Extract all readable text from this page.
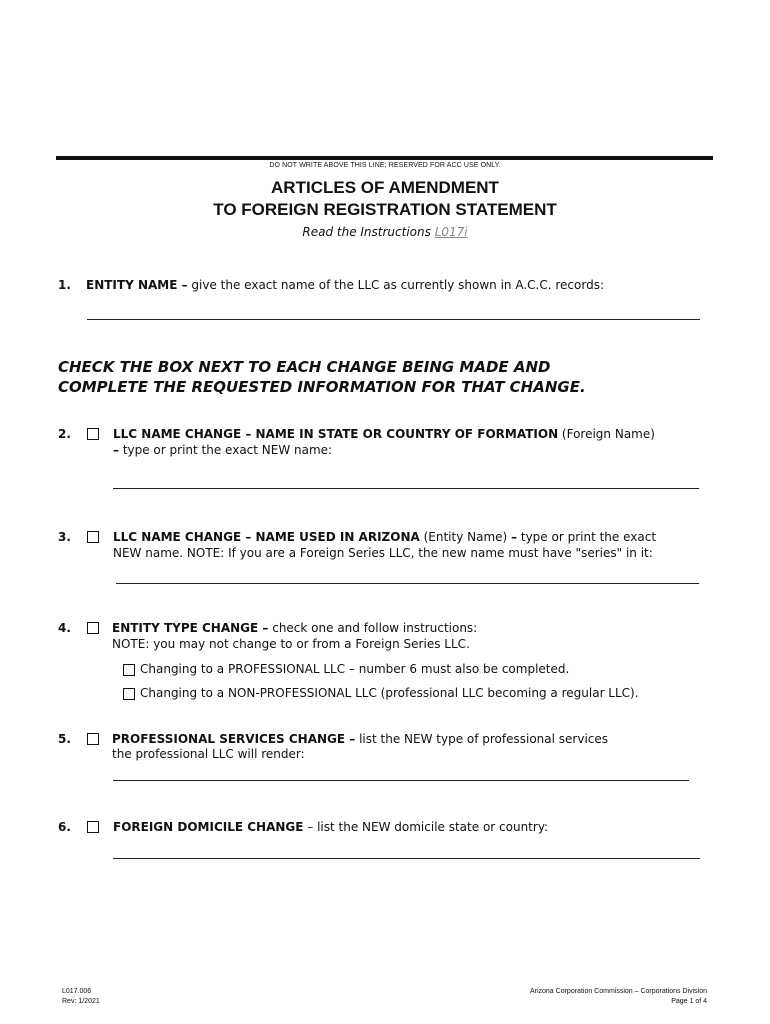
DO NOT WRITE ABOVE THIS LINE; RESERVED FOR ACC USE ONLY.
ARTICLES OF AMENDMENT
TO FOREIGN REGISTRATION STATEMENT
Read the Instructions L017i
1. ENTITY NAME – give the exact name of the LLC as currently shown in A.C.C. records:
CHECK THE BOX NEXT TO EACH CHANGE BEING MADE AND
COMPLETE THE REQUESTED INFORMATION FOR THAT CHANGE.
2.	LLC NAME CHANGE – NAME IN STATE OR COUNTRY OF FORMATION (Foreign Name)
– type or print the exact NEW name:
3.	LLC NAME CHANGE – NAME USED IN ARIZONA (Entity Name) – type or print the exact
NEW name. NOTE: If you are a Foreign Series LLC, the new name must have "series" in it:
4.	ENTITY TYPE CHANGE – check one and follow instructions:
NOTE: you may not change to or from a Foreign Series LLC.
Changing to a PROFESSIONAL LLC – number 6 must also be completed.
Changing to a NON-PROFESSIONAL LLC (professional LLC becoming a regular LLC).
5.	PROFESSIONAL SERVICES CHANGE – list the NEW type of professional services
the professional LLC will render:
6.	FOREIGN DOMICILE CHANGE – list the NEW domicile state or country:
L017.006
Rev: 1/2021
Arizona Corporation Commission – Corporations Division
Page 1 of 4
